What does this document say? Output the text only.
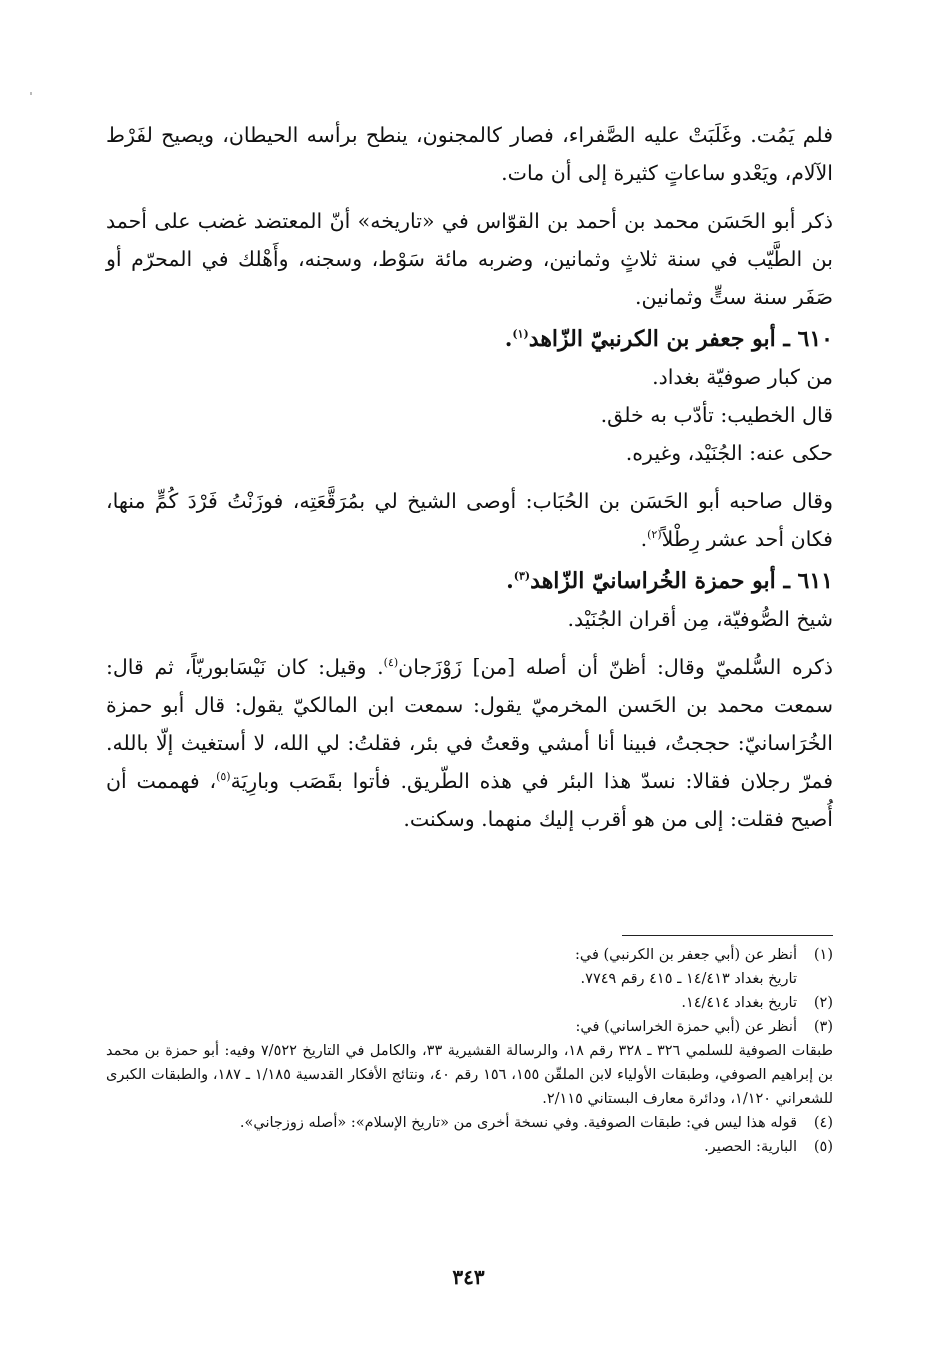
فلم يَمُت. وغَلَبَتْ عليه الصَّفراء، فصار كالمجنون، ينطح برأسه الحيطان، ويصيح لفَرْط الآلام، ويَعْدو ساعاتٍ كثيرة إلى أن مات.

ذكر أبو الحَسَن محمد بن أحمد بن القوّاس في «تاريخه» أنّ المعتضد غضب على أحمد بن الطَّيّب في سنة ثلاثٍ وثمانين، وضربه مائة سَوْط، وسجنه، وأَهْلك في المحرّم أو صَفَر سنة ستٍّ وثمانين.

٦١٠ ـ أبو جعفر بن الكرنبيّ الزّاهد$^{(١)}$.

من كبار صوفيّة بغداد.

قال الخطيب: تأدّب به خلق.

حكى عنه: الجُنَيْد، وغيره.

وقال صاحبه أبو الحَسَن بن الحُبَاب: أوصى الشيخ لي بمُرَقَّعَتِه، فوزَنْتُ فَرْدَ كُمٍّ منها، فكان أحد عشر رِطْلاً$^{(٢)}$.

٦١١ ـ أبو حمزة الخُراسانيّ الزّاهد$^{(٣)}$.

شيخ الصُّوفيّة، مِن أقران الجُنَيْد.

ذكره السُّلميّ وقال: أظنّ أن أصله [من] زَوْزَجان$^{(٤)}$. وقيل: كان نَيْسَابوريّاً، ثم قال: سمعت محمد بن الحَسن المخرميّ يقول: سمعت ابن المالكيّ يقول: قال أبو حمزة الخُرَاسانيّ: حججتُ، فبينا أنا أمشي وقعتُ في بئر، فقلتُ: لي الله، لا أستغيث إلّا بالله. فمرّ رجلان فقالا: نسدّ هذا البئر في هذه الطّريق. فأتوا بقَصَب وبارِيَة$^{(٥)}$، فهممت أن أُصيح فقلت: إلى من هو أقرب إليك منهما. وسكنت.

(١)
أنظر عن (أبي جعفر بن الكرنبي) في:
تاريخ بغداد ١٤/٤١٣ ـ ٤١٥ رقم ٧٧٤٩.
(٢)
تاريخ بغداد ١٤/٤١٤.
(٣)
أنظر عن (أبي حمزة الخراساني) في:
طبقات الصوفية للسلمي ٣٢٦ ـ ٣٢٨ رقم ١٨، والرسالة القشيرية ٣٣، والكامل في التاريخ ٧/٥٢٢ وفيه: أبو حمزة بن محمد بن إبراهيم الصوفي، وطبقات الأولياء لابن الملقّن ١٥٥، ١٥٦ رقم ٤٠، ونتائج الأفكار القدسية ١/١٨٥ ـ ١٨٧، والطبقات الكبرى للشعراني ١/١٢٠، ودائرة معارف البستاني ٢/١١٥.
(٤)
قوله هذا ليس في: طبقات الصوفية. وفي نسخة أخرى من «تاريخ الإسلام»: «أصله زوزجاني».
(٥)
البارية: الحصير.
٣٤٣
